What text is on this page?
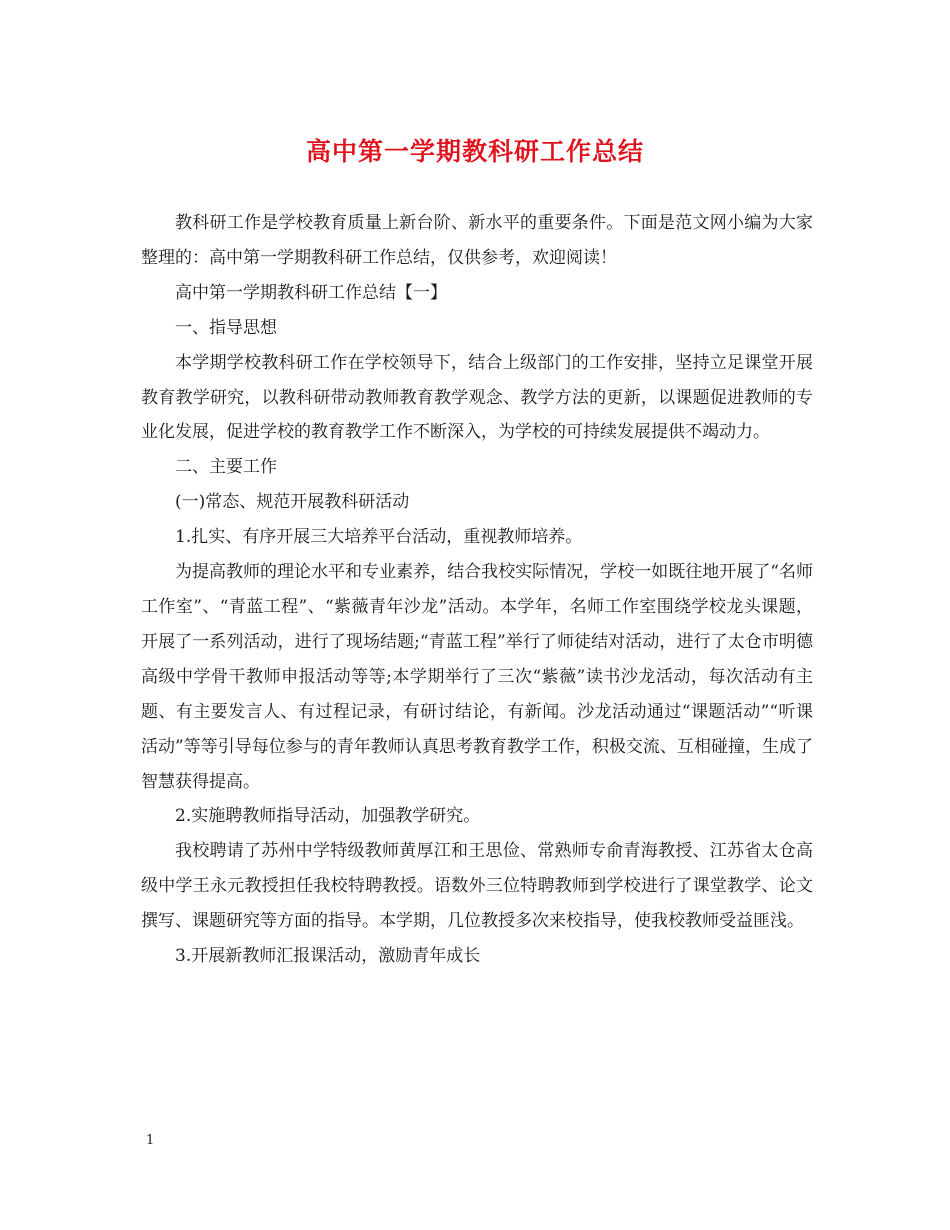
高中第一学期教科研工作总结

教科研工作是学校教育质量上新台阶、新水平的重要条件。下面是范文网小编为大家整理的：高中第一学期教科研工作总结，仅供参考，欢迎阅读！

高中第一学期教科研工作总结【一】

一、指导思想

本学期学校教科研工作在学校领导下，结合上级部门的工作安排，坚持立足课堂开展教育教学研究，以教科研带动教师教育教学观念、教学方法的更新，以课题促进教师的专业化发展，促进学校的教育教学工作不断深入，为学校的可持续发展提供不竭动力。

二、主要工作

(一)常态、规范开展教科研活动

1.扎实、有序开展三大培养平台活动，重视教师培养。

为提高教师的理论水平和专业素养，结合我校实际情况，学校一如既往地开展了“名师工作室”、“青蓝工程”、“紫薇青年沙龙”活动。本学年，名师工作室围绕学校龙头课题，开展了一系列活动，进行了现场结题;“青蓝工程”举行了师徒结对活动，进行了太仓市明德高级中学骨干教师申报活动等等;本学期举行了三次“紫薇”读书沙龙活动，每次活动有主题、有主要发言人、有过程记录，有研讨结论，有新闻。沙龙活动通过“课题活动”“听课活动”等等引导每位参与的青年教师认真思考教育教学工作，积极交流、互相碰撞，生成了智慧获得提高。

2.实施聘教师指导活动，加强教学研究。

我校聘请了苏州中学特级教师黄厚江和王思俭、常熟师专俞青海教授、江苏省太仓高级中学王永元教授担任我校特聘教授。语数外三位特聘教师到学校进行了课堂教学、论文撰写、课题研究等方面的指导。本学期，几位教授多次来校指导，使我校教师受益匪浅。

3.开展新教师汇报课活动，激励青年成长

1
